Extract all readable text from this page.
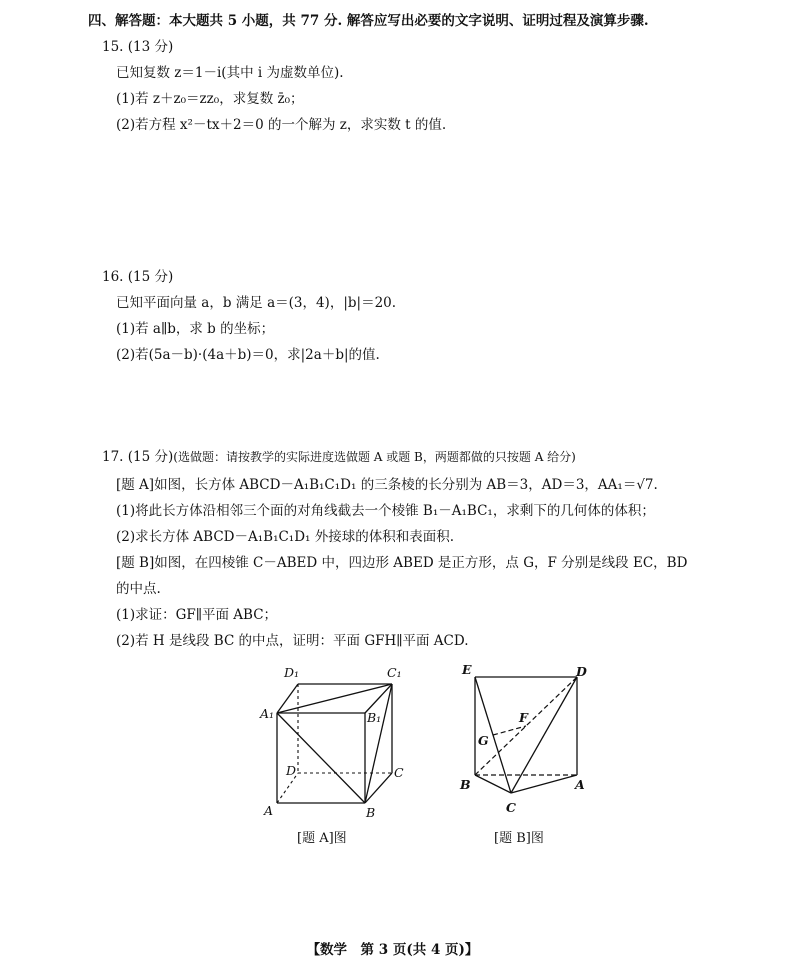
四、解答题：本大题共 5 小题，共 77 分. 解答应写出必要的文字说明、证明过程及演算步骤.
15. (13 分)
已知复数 z＝1－i(其中 i 为虚数单位).
(1)若 z＋z₀＝zz₀，求复数 z̄₀；
(2)若方程 x²－tx＋2＝0 的一个解为 z，求实数 t 的值.
16. (15 分)
已知平面向量 a，b 满足 a＝(3，4)，|b|＝20.
(1)若 a∥b，求 b 的坐标；
(2)若(5a－b)·(4a＋b)＝0，求|2a＋b|的值.
17. (15 分)(选做题：请按教学的实际进度选做题 A 或题 B，两题都做的只按题 A 给分)
[题 A]如图，长方体 ABCD－A₁B₁C₁D₁ 的三条棱的长分别为 AB＝3，AD＝3，AA₁＝√7.
(1)将此长方体沿相邻三个面的对角线截去一个棱锥 B₁－A₁BC₁，求剩下的几何体的体积；
(2)求长方体 ABCD－A₁B₁C₁D₁ 外接球的体积和表面积.
[题 B]如图，在四棱锥 C－ABED 中，四边形 ABED 是正方形，点 G，F 分别是线段 EC，BD
的中点.
(1)求证：GF∥平面 ABC；
(2)若 H 是线段 BC 的中点，证明：平面 GFH∥平面 ACD.
D₁	C₁
A₁	B₁
D	C
A	B
[题 A]图
E	D
F
G
B	A
C
[题 B]图
【数学　第 3 页(共 4 页)】
